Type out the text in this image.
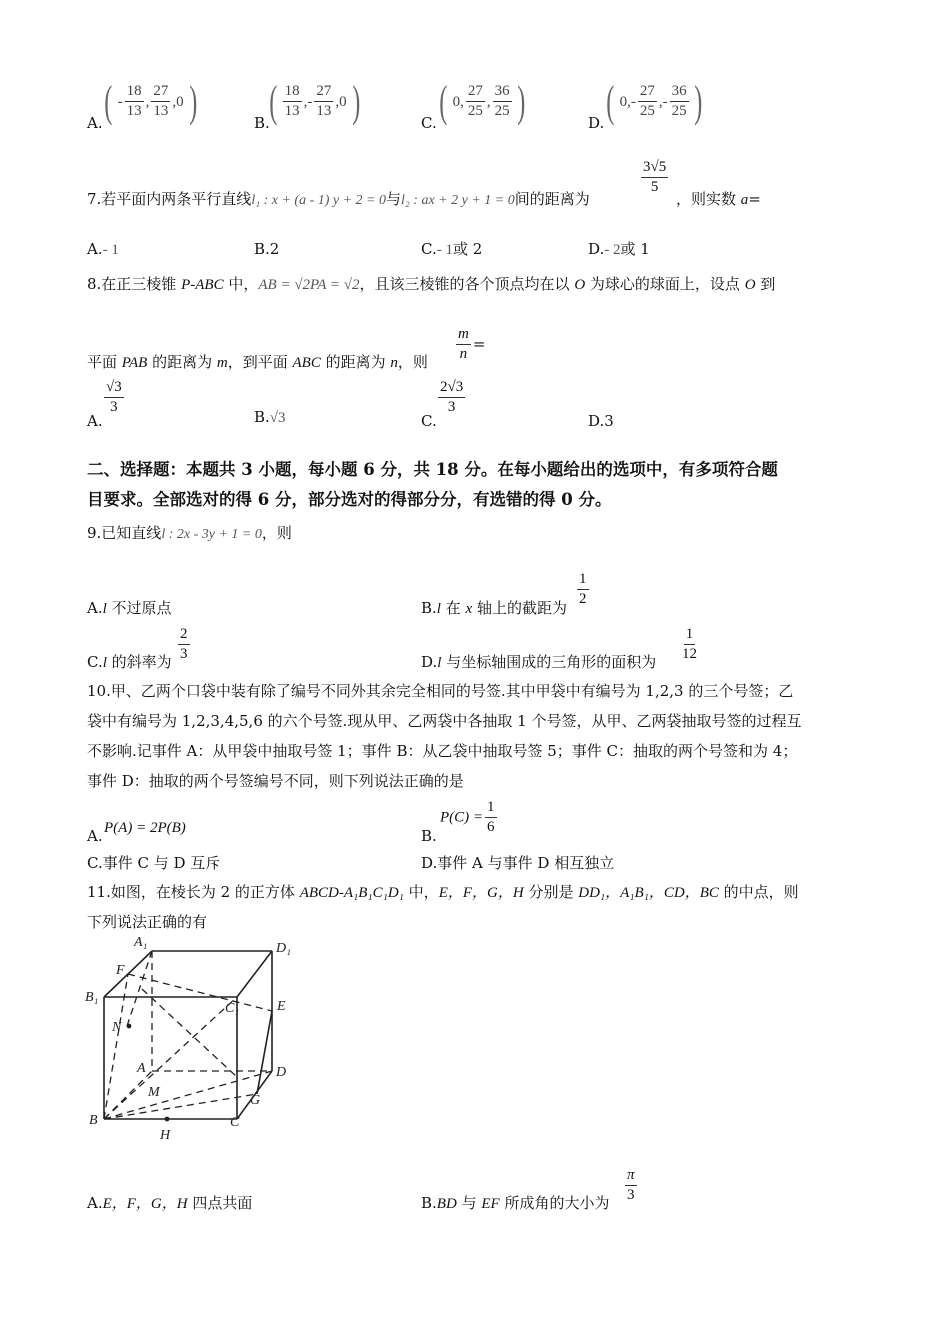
A. ( - $\frac{18}{13}$ , $\frac{27}{13} ,0$ )	B. ( $\frac{18}{13}$ ,- $\frac{27}{13} ,0$ )	C. ( 0, $\frac{27}{25}$ , $\frac{36}{25}$ )	D. ( $0,- \frac{27}{25}$ ,- $\frac{36}{25}$ )
7.若平面内两条平行直线l₁ : x + (a - 1) y + 2 = 0与l₂ : ax + 2 y + 1 = 0间的距离为
$\frac{3√5}{5}$
，则实数 a=
A.- 1	B.2	C.- 1或 2	D.- 2或 1
8.在正三棱锥 P-ABC 中，AB = √2PA = √2，且该三棱锥的各个顶点均在以 O 为球心的球面上，设点 O 到
平面 PAB 的距离为 m，到平面 ABC 的距离为 n，则 $\frac{m}{n}$ =
A.
$\frac{√3}{3}$
B.√3	C.
$\frac{2√3}{3}$
D.3
二、选择题：本题共 3 小题，每小题 6 分，共 18 分。在每小题给出的选项中，有多项符合题
目要求。全部选对的得 6 分，部分选对的得部分分，有选错的得 0 分。
9.已知直线l : 2x - 3y + 1 = 0，则
A.l 不过原点	B.l 在 x 轴上的截距为
$\frac{1}{2}$
C.l 的斜率为 $\frac{2}{3}$	D.l 与坐标轴围成的三角形的面积为 $\frac{1}{12}$
10.甲、乙两个口袋中装有除了编号不同外其余完全相同的号签.其中甲袋中有编号为 1,2,3 的三个号签；乙
袋中有编号为 1,2,3,4,5,6 的六个号签.现从甲、乙两袋中各抽取 1 个号签，从甲、乙两袋抽取号签的过程互
不影响.记事件 A：从甲袋中抽取号签 1；事件 B：从乙袋中抽取号签 5；事件 C：抽取的两个号签和为 4；
事件 D：抽取的两个号签编号不同，则下列说法正确的是
A. P(A) = 2P(B)	B.
$P(C) = \frac{1}{6}$
C.事件 C 与 D 互斥	D.事件 A 与事件 D 相互独立
11.如图，在棱长为 2 的正方体 ABCD-A₁B₁C₁D₁ 中，E，F，G，H 分别是 DD₁，A₁B₁，CD，BC 的中点，则
下列说法正确的有
A₁	D₁
F
B₁
C₁	E
N
A	D
M
G
B	C
H
A.E，F，G，H 四点共面	B.BD 与 EF 所成角的大小为 $\frac{\pi}{3}$
